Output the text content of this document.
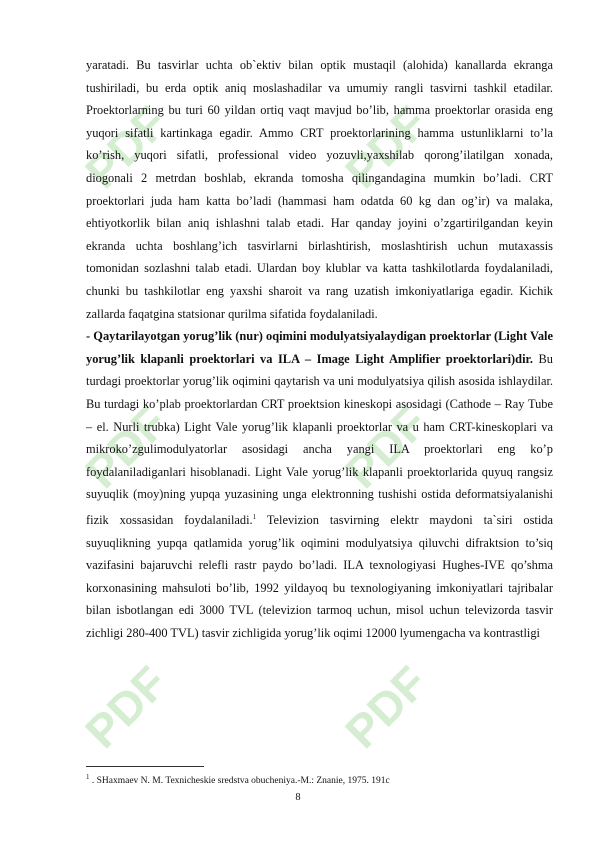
PDF	PDF
PDF	PDF
PDF	PDF

yaratadi. Bu tasvirlar uchta ob`ektiv bilan optik mustaqil (alohida) kanallarda ekranga tushiriladi, bu erda optik aniq moslashadilar va umumiy rangli tasvirni tashkil etadilar. Proektorlarning bu turi 60 yildan ortiq vaqt mavjud bo’lib, hamma proektorlar orasida eng yuqori sifatli kartinkaga egadir. Ammo CRT proektorlarining hamma ustunliklarni to’la ko’rish, yuqori sifatli, professional video yozuvli,yaxshilab qorong’ilatilgan xonada, diogonali 2 metrdan boshlab, ekranda tomosha qilingandagina mumkin bo’ladi. CRT proektorlari juda ham katta bo’ladi (hammasi ham odatda 60 kg dan og’ir) va malaka, ehtiyotkorlik bilan aniq ishlashni talab etadi. Har qanday joyini o’zgartirilgandan keyin ekranda uchta boshlang’ich tasvirlarni birlashtirish, moslashtirish uchun mutaxassis tomonidan sozlashni talab etadi. Ulardan boy klublar va katta tashkilotlarda foydalaniladi, chunki bu tashkilotlar eng yaxshi sharoit va rang uzatish imkoniyatlariga egadir. Kichik zallarda faqatgina statsionar qurilma sifatida foydalaniladi.

- Qaytarilayotgan yorug’lik (nur) oqimini modulyatsiyalaydigan proektorlar (Light Vale yorug’lik klapanli proektorlari va ILA – Image Light Amplifier proektorlari)dir. Bu turdagi proektorlar yorug’lik oqimini qaytarish va uni modulyatsiya qilish asosida ishlaydilar. Bu turdagi ko’plab proektorlardan CRT proektsion kineskopi asosidagi (Cathode – Ray Tube – el. Nurli trubka) Light Vale yorug’lik klapanli proektorlar va u ham CRT-kineskoplari va mikroko’zgulimodulyatorlar asosidagi ancha yangi ILA proektorlari eng ko’p foydalaniladiganlari hisoblanadi. Light Vale yorug’lik klapanli proektorlarida quyuq rangsiz suyuqlik (moy)ning yupqa yuzasining unga elektronning tushishi ostida deformatsiyalanishi fizik xossasidan foydalaniladi.$^1$ Televizion tasvirning elektr maydoni ta`siri ostida suyuqlikning yupqa qatlamida yorug’lik oqimini modulyatsiya qiluvchi difraktsion to’siq vazifasini bajaruvchi relefli rastr paydo bo’ladi. ILA texnologiyasi Hughes-IVE qo’shma korxonasining mahsuloti bo’lib, 1992 yildayoq bu texnologiyaning imkoniyatlari tajribalar bilan isbotlangan edi 3000 TVL (televizion tarmoq uchun, misol uchun televizorda tasvir zichligi 280-400 TVL) tasvir zichligida yorug’lik oqimi 12000 lyumengacha va kontrastligi

$^1$ . SHaxmaev N. M. Texnicheskie sredstva obucheniya.-M.: Znanie, 1975. 191c
8
